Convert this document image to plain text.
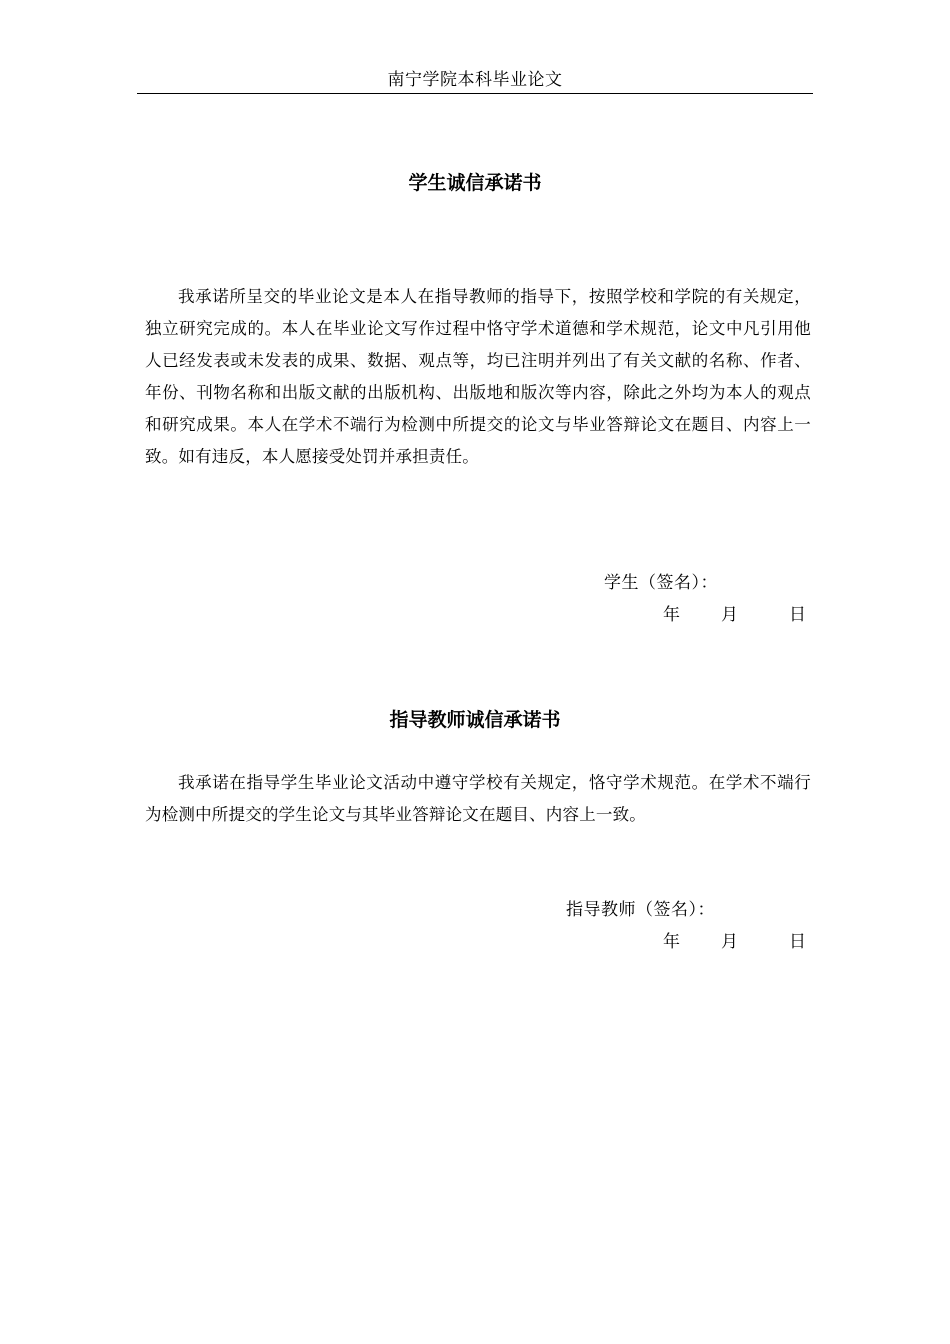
南宁学院本科毕业论文
学生诚信承诺书

我承诺所呈交的毕业论文是本人在指导教师的指导下，按照学校和学院的有关规定，独立研究完成的。本人在毕业论文写作过程中恪守学术道德和学术规范，论文中凡引用他人已经发表或未发表的成果、数据、观点等，均已注明并列出了有关文献的名称、作者、年份、刊物名称和出版文献的出版机构、出版地和版次等内容，除此之外均为本人的观点和研究成果。本人在学术不端行为检测中所提交的论文与毕业答辩论文在题目、内容上一致。如有违反，本人愿接受处罚并承担责任。

学生（签名）：
年 月	日
指导教师诚信承诺书

我承诺在指导学生毕业论文活动中遵守学校有关规定，恪守学术规范。在学术不端行为检测中所提交的学生论文与其毕业答辩论文在题目、内容上一致。

指导教师（签名）：
年 月	日
